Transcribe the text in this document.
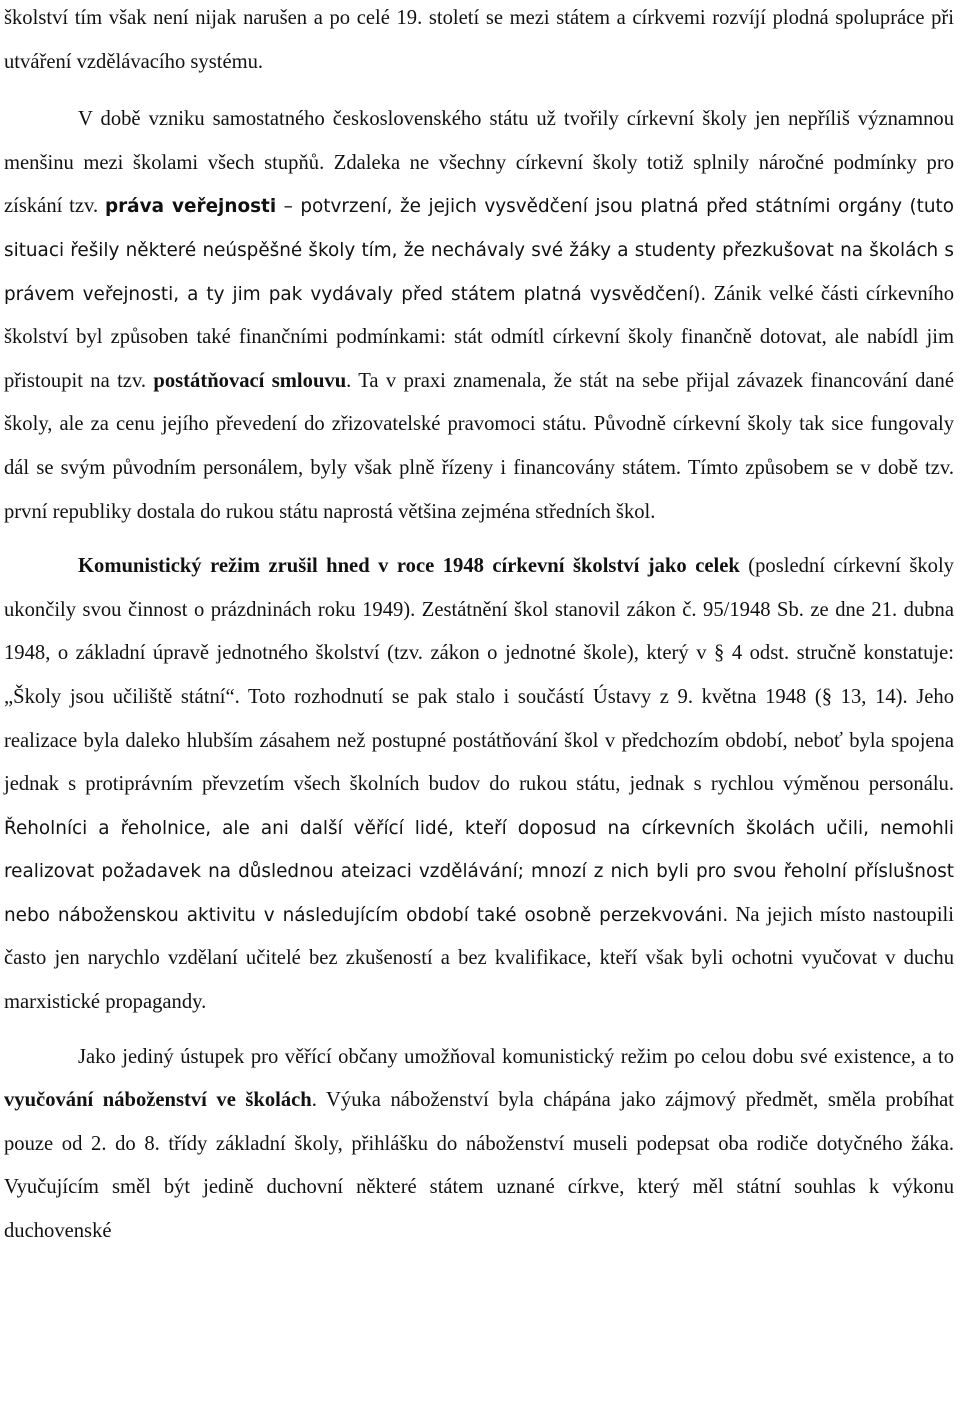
školství tím však není nijak narušen a po celé 19. století se mezi státem a církvemi rozvíjí plodná spolupráce při utváření vzdělávacího systému.

V době vzniku samostatného československého státu už tvořily církevní školy jen nepříliš významnou menšinu mezi školami všech stupňů. Zdaleka ne všechny církevní školy totiž splnily náročné podmínky pro získání tzv. práva veřejnosti – potvrzení, že jejich vysvědčení jsou platná před státními orgány (tuto situaci řešily některé neúspěšné školy tím, že nechávaly své žáky a studenty přezkušovat na školách s právem veřejnosti, a ty jim pak vydávaly před státem platná vysvědčení). Zánik velké části církevního školství byl způsoben také finančními podmínkami: stát odmítl církevní školy finančně dotovat, ale nabídl jim přistoupit na tzv. postátňovací smlouvu. Ta v praxi znamenala, že stát na sebe přijal závazek financování dané školy, ale za cenu jejího převedení do zřizovatelské pravomoci státu. Původně církevní školy tak sice fungovaly dál se svým původním personálem, byly však plně řízeny i financovány státem. Tímto způsobem se v době tzv. první republiky dostala do rukou státu naprostá většina zejména středních škol.

Komunistický režim zrušil hned v roce 1948 církevní školství jako celek (poslední církevní školy ukončily svou činnost o prázdninách roku 1949). Zestátnění škol stanovil zákon č. 95/1948 Sb. ze dne 21. dubna 1948, o základní úpravě jednotného školství (tzv. zákon o jednotné škole), který v § 4 odst. stručně konstatuje: „Školy jsou učiliště státní“. Toto rozhodnutí se pak stalo i součástí Ústavy z 9. května 1948 (§ 13, 14). Jeho realizace byla daleko hlubším zásahem než postupné postátňování škol v předchozím období, neboť byla spojena jednak s protiprávním převzetím všech školních budov do rukou státu, jednak s rychlou výměnou personálu. Řeholníci a řeholnice, ale ani další věřící lidé, kteří doposud na církevních školách učili, nemohli realizovat požadavek na důslednou ateizaci vzdělávání; mnozí z nich byli pro svou řeholní příslušnost nebo náboženskou aktivitu v následujícím období také osobně perzekvováni. Na jejich místo nastoupili často jen narychlo vzdělaní učitelé bez zkušeností a bez kvalifikace, kteří však byli ochotni vyučovat v duchu marxistické propagandy.

Jako jediný ústupek pro věřící občany umožňoval komunistický režim po celou dobu své existence, a to vyučování náboženství ve školách. Výuka náboženství byla chápána jako zájmový předmět, směla probíhat pouze od 2. do 8. třídy základní školy, přihlášku do náboženství museli podepsat oba rodiče dotyčného žáka. Vyučujícím směl být jedině duchovní některé státem uznané církve, který měl státní souhlas k výkonu duchovenské
